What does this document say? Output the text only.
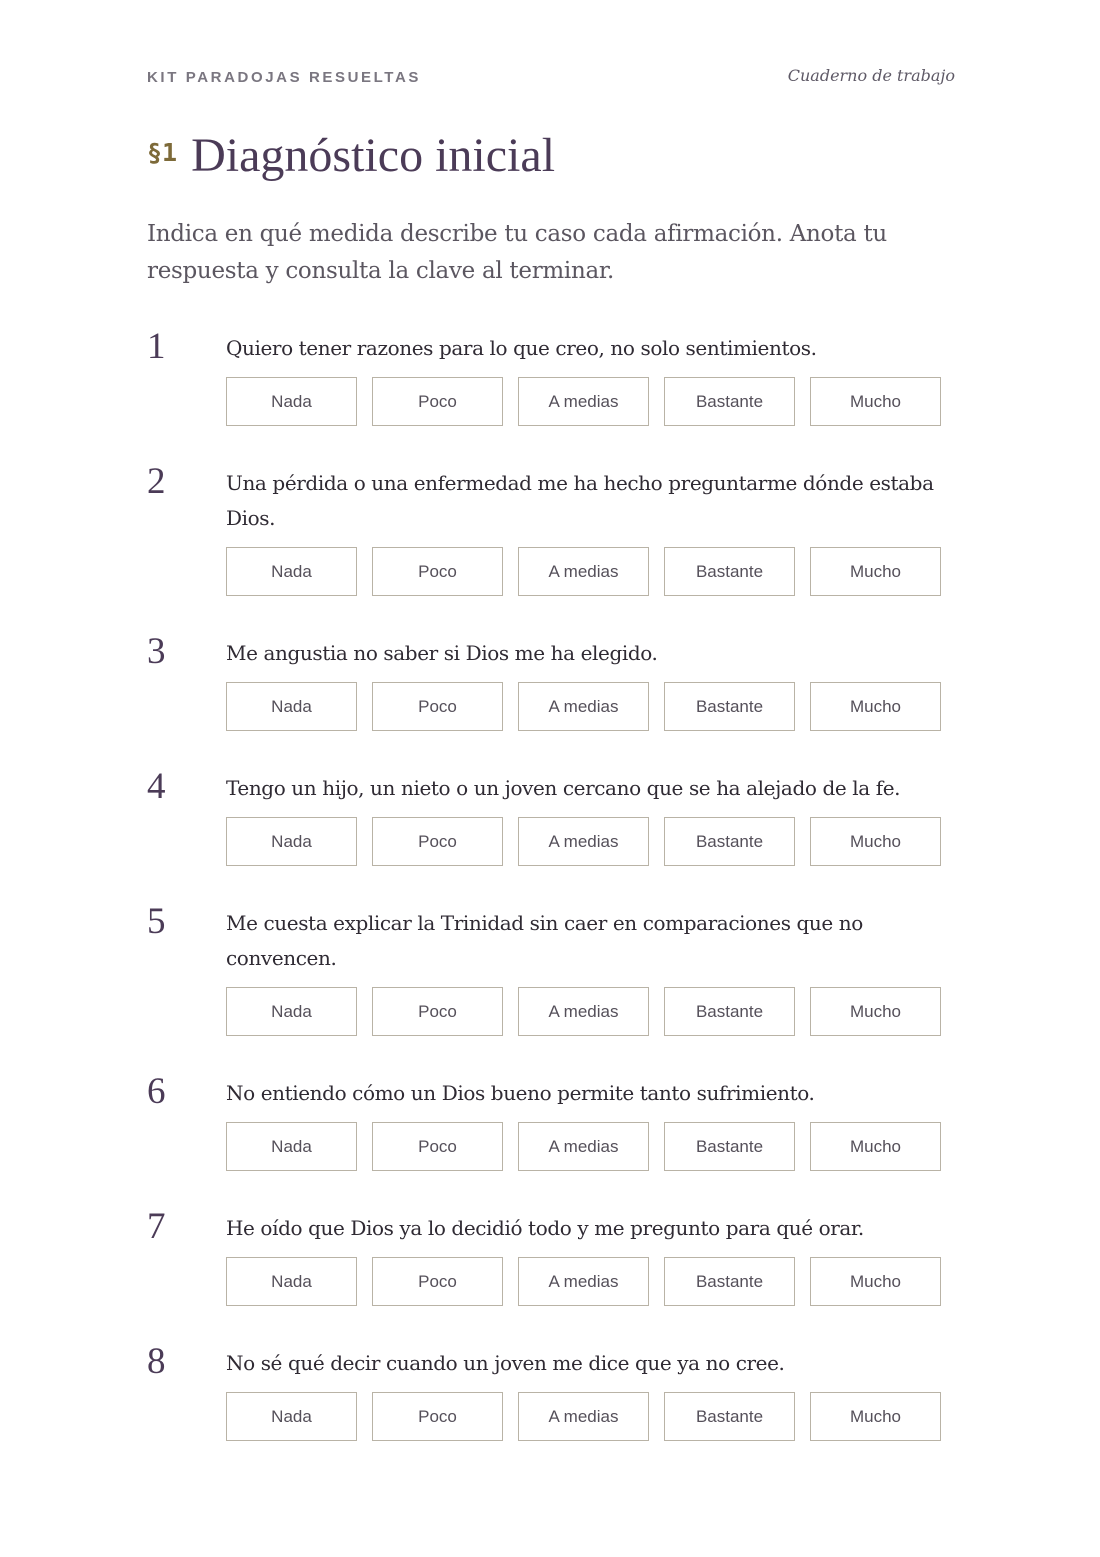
KIT PARADOJAS RESUELTAS	Cuaderno de trabajo
§1 Diagnóstico inicial
Indica en qué medida describe tu caso cada afirmación. Anota tu respuesta y consulta la clave al terminar.
1	Quiero tener razones para lo que creo, no solo sentimientos.
Nada	Poco	A medias	Bastante	Mucho
2	Una pérdida o una enfermedad me ha hecho preguntarme dónde estaba Dios.
Nada	Poco	A medias	Bastante	Mucho
3	Me angustia no saber si Dios me ha elegido.
Nada	Poco	A medias	Bastante	Mucho
4	Tengo un hijo, un nieto o un joven cercano que se ha alejado de la fe.
Nada	Poco	A medias	Bastante	Mucho
5	Me cuesta explicar la Trinidad sin caer en comparaciones que no convencen.
Nada	Poco	A medias	Bastante	Mucho
6	No entiendo cómo un Dios bueno permite tanto sufrimiento.
Nada	Poco	A medias	Bastante	Mucho
7	He oído que Dios ya lo decidió todo y me pregunto para qué orar.
Nada	Poco	A medias	Bastante	Mucho
8	No sé qué decir cuando un joven me dice que ya no cree.
Nada	Poco	A medias	Bastante	Mucho
